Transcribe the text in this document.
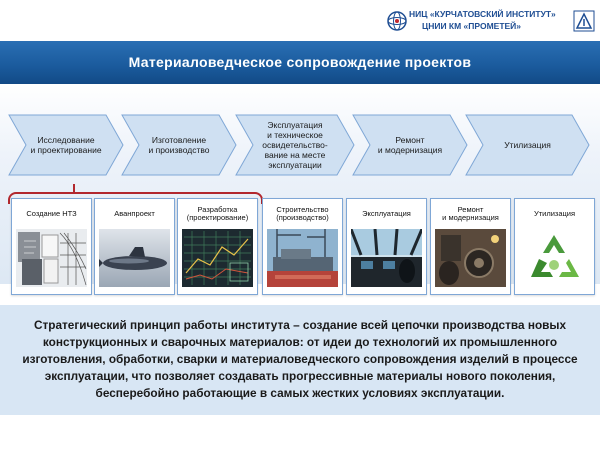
НИЦ «КУРЧАТОВСКИЙ ИНСТИТУТ»
ЦНИИ КМ «ПРОМЕТЕЙ»
Материаловедческое сопровождение проектов
Исследование
и проектирование
Изготовление
и производство
Эксплуатация
и техническое
освидетельство-
вание на месте
эксплуатации
Ремонт
и модернизация	Утилизация
Создание НТЗ	Аванпроект	Разработка
(проектирование)
Строительство
(производство)	Эксплуатация	Ремонт
и модернизация	Утилизация
Стратегический принцип работы института – создание всей цепочки производства новых конструкционных и сварочных материалов: от идеи до технологий их промышленного изготовления, обработки, сварки и материаловедческого сопровождения изделий в процессе эксплуатации, что позволяет создавать прогрессивные материалы нового поколения, бесперебойно работающие в самых жестких условиях эксплуатации.
